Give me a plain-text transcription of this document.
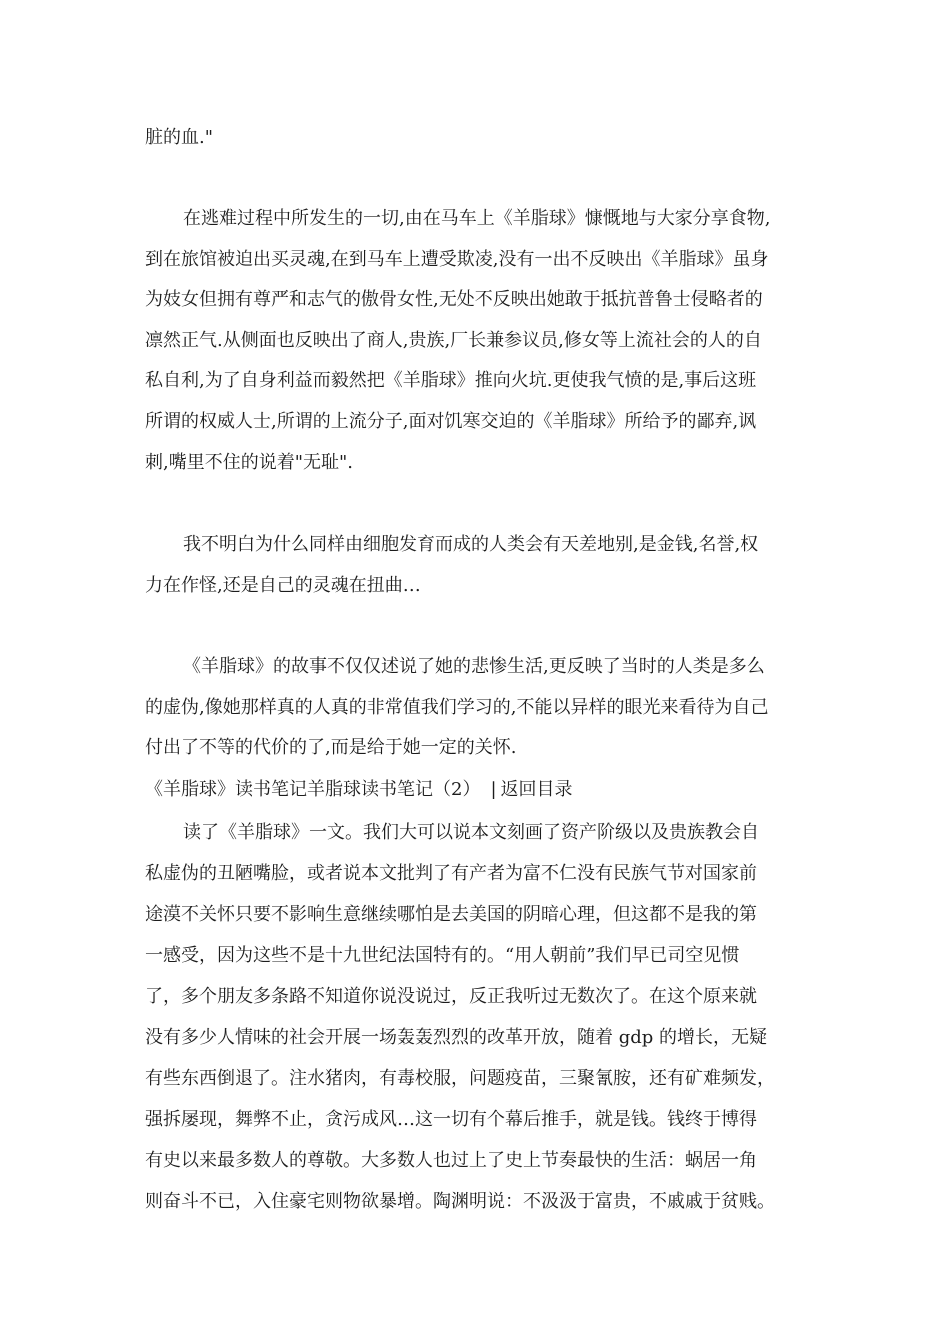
脏的血."
在逃难过程中所发生的一切,由在马车上《羊脂球》慷慨地与大家分享食物,
到在旅馆被迫出买灵魂,在到马车上遭受欺凌,没有一出不反映出《羊脂球》虽身
为妓女但拥有尊严和志气的傲骨女性,无处不反映出她敢于抵抗普鲁士侵略者的
凛然正气.从侧面也反映出了商人,贵族,厂长兼参议员,修女等上流社会的人的自
私自利,为了自身利益而毅然把《羊脂球》推向火坑.更使我气愤的是,事后这班
所谓的权威人士,所谓的上流分子,面对饥寒交迫的《羊脂球》所给予的鄙弃,讽
刺,嘴里不住的说着"无耻".
我不明白为什么同样由细胞发育而成的人类会有天差地别,是金钱,名誉,权
力在作怪,还是自己的灵魂在扭曲…
《羊脂球》的故事不仅仅述说了她的悲惨生活,更反映了当时的人类是多么
的虚伪,像她那样真的人真的非常值我们学习的,不能以异样的眼光来看待为自己
付出了不等的代价的了,而是给于她一定的关怀.
《羊脂球》读书笔记羊脂球读书笔记（2） | 返回目录
读了《羊脂球》一文。我们大可以说本文刻画了资产阶级以及贵族教会自
私虚伪的丑陋嘴脸，或者说本文批判了有产者为富不仁没有民族气节对国家前
途漠不关怀只要不影响生意继续哪怕是去美国的阴暗心理，但这都不是我的第
一感受，因为这些不是十九世纪法国特有的。“用人朝前”我们早已司空见惯
了，多个朋友多条路不知道你说没说过，反正我听过无数次了。在这个原来就
没有多少人情味的社会开展一场轰轰烈烈的改革开放，随着 gdp 的增长，无疑
有些东西倒退了。注水猪肉，有毒校服，问题疫苗，三聚氰胺，还有矿难频发，
强拆屡现，舞弊不止，贪污成风…这一切有个幕后推手，就是钱。钱终于博得
有史以来最多数人的尊敬。大多数人也过上了史上节奏最快的生活：蜗居一角
则奋斗不已，入住豪宅则物欲暴增。陶渊明说：不汲汲于富贵，不戚戚于贫贱。
